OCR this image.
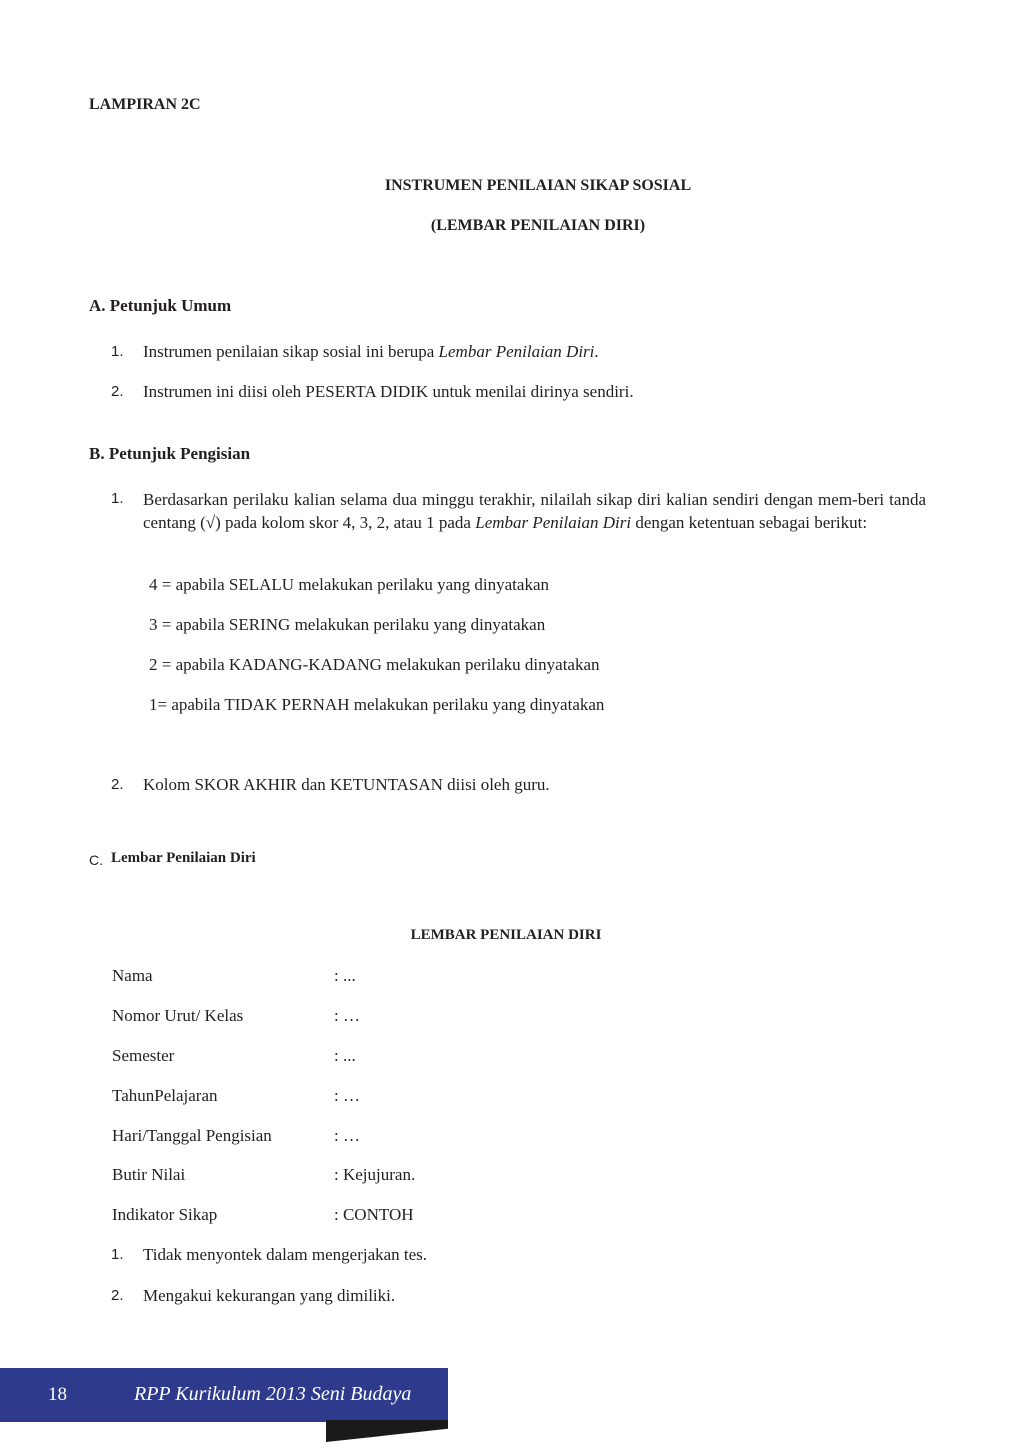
LAMPIRAN 2C
INSTRUMEN PENILAIAN SIKAP SOSIAL
(LEMBAR PENILAIAN DIRI)
A. Petunjuk Umum
1. Instrumen penilaian sikap sosial ini berupa Lembar Penilaian Diri.
2. Instrumen ini diisi oleh PESERTA DIDIK untuk menilai dirinya sendiri.
B. Petunjuk Pengisian
1. Berdasarkan perilaku kalian selama dua minggu terakhir, nilailah sikap diri kalian sendiri dengan mem-beri tanda centang (√) pada kolom skor 4, 3, 2, atau 1 pada Lembar Penilaian Diri dengan ketentuan sebagai berikut:
4 = apabila SELALU melakukan perilaku yang dinyatakan
3 = apabila SERING melakukan perilaku yang dinyatakan
2 = apabila KADANG-KADANG melakukan perilaku dinyatakan
1= apabila TIDAK PERNAH melakukan perilaku yang dinyatakan
2. Kolom SKOR AKHIR dan KETUNTASAN diisi oleh guru.
C. Lembar Penilaian Diri
LEMBAR PENILAIAN DIRI
Nama	: ...
Nomor Urut/ Kelas	: …
Semester	: ...
TahunPelajaran	: …
Hari/Tanggal Pengisian	: …
Butir Nilai	: Kejujuran.
Indikator Sikap	: CONTOH
1. Tidak menyontek dalam mengerjakan tes.
2. Mengakui kekurangan yang dimiliki.
18	RPP Kurikulum 2013 Seni Budaya
